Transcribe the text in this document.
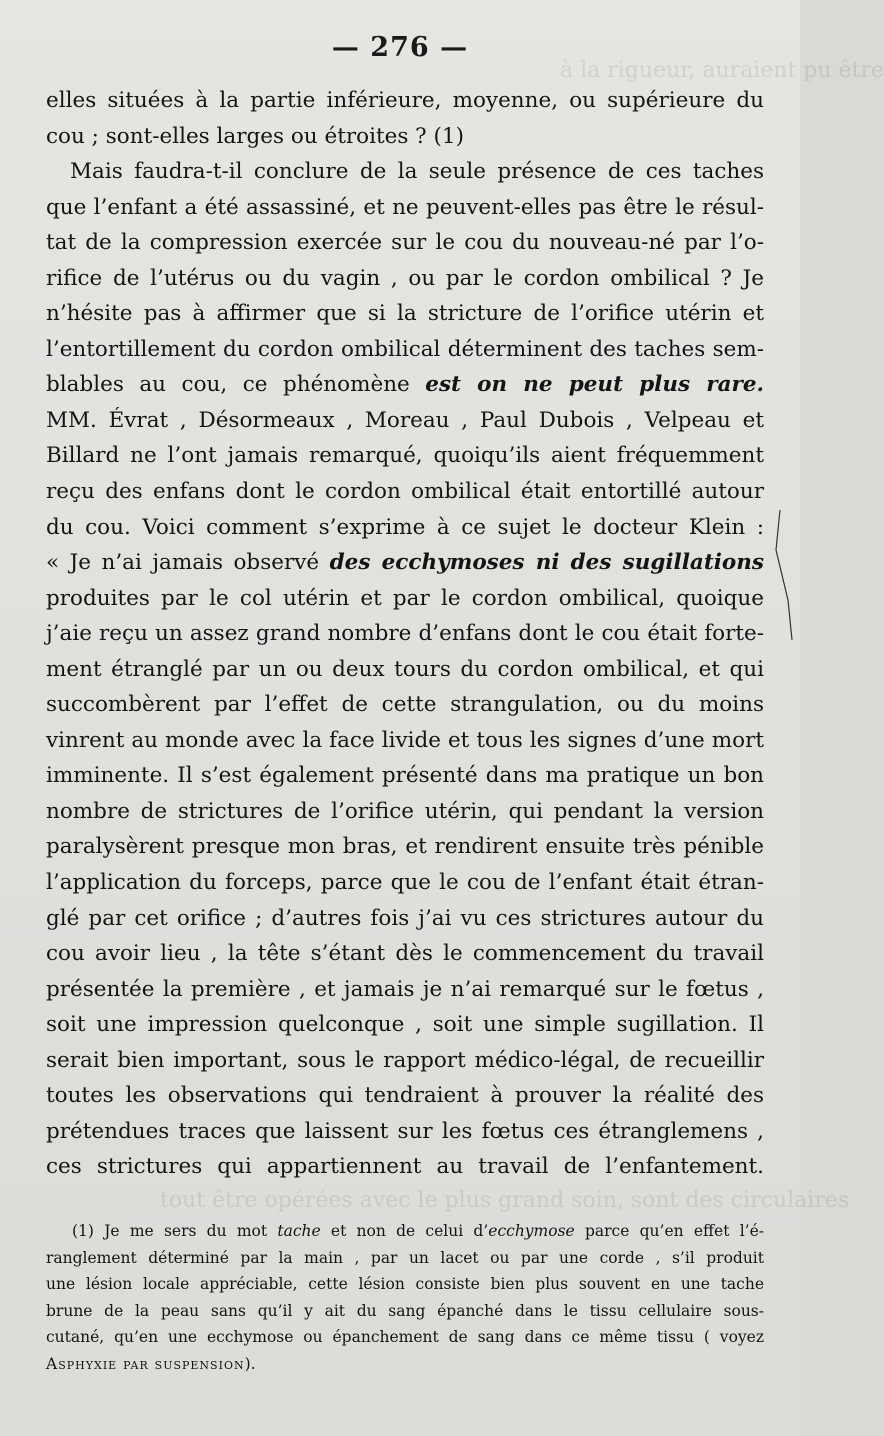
à la rigueur, auraient pu être
tout être opérées avec le plus grand soin, sont des circulaires
— 276 —
elles situées à la partie inférieure, moyenne, ou supérieure du
cou ; sont-elles larges ou étroites ? (1)
Mais faudra-t-il conclure de la seule présence de ces taches
que l’enfant a été assassiné, et ne peuvent-elles pas être le résul-
tat de la compression exercée sur le cou du nouveau-né par l’o-
rifice de l’utérus ou du vagin , ou par le cordon ombilical ? Je
n’hésite pas à affirmer que si la stricture de l’orifice utérin et
l’entortillement du cordon ombilical déterminent des taches sem-
blables au cou, ce phénomène est on ne peut plus rare.
MM. Évrat , Désormeaux , Moreau , Paul Dubois , Velpeau et
Billard ne l’ont jamais remarqué, quoiqu’ils aient fréquemment
reçu des enfans dont le cordon ombilical était entortillé autour
du cou. Voici comment s’exprime à ce sujet le docteur Klein :
« Je n’ai jamais observé des ecchymoses ni des sugillations
produites par le col utérin et par le cordon ombilical, quoique
j’aie reçu un assez grand nombre d’enfans dont le cou était forte-
ment étranglé par un ou deux tours du cordon ombilical, et qui
succombèrent par l’effet de cette strangulation, ou du moins
vinrent au monde avec la face livide et tous les signes d’une mort
imminente. Il s’est également présenté dans ma pratique un bon
nombre de strictures de l’orifice utérin, qui pendant la version
paralysèrent presque mon bras, et rendirent ensuite très pénible
l’application du forceps, parce que le cou de l’enfant était étran-
glé par cet orifice ; d’autres fois j’ai vu ces strictures autour du
cou avoir lieu , la tête s’étant dès le commencement du travail
présentée la première , et jamais je n’ai remarqué sur le fœtus ,
soit une impression quelconque , soit une simple sugillation. Il
serait bien important, sous le rapport médico-légal, de recueillir
toutes les observations qui tendraient à prouver la réalité des
prétendues traces que laissent sur les fœtus ces étranglemens ,
ces strictures qui appartiennent au travail de l’enfantement.
(1) Je me sers du mot tache et non de celui d’ecchymose parce qu’en effet l’é-
ranglement déterminé par la main , par un lacet ou par une corde , s’il produit
une lésion locale appréciable, cette lésion consiste bien plus souvent en une tache
brune de la peau sans qu’il y ait du sang épanché dans le tissu cellulaire sous-
cutané, qu’en une ecchymose ou épanchement de sang dans ce même tissu ( voyez
Asphyxie par suspension).
